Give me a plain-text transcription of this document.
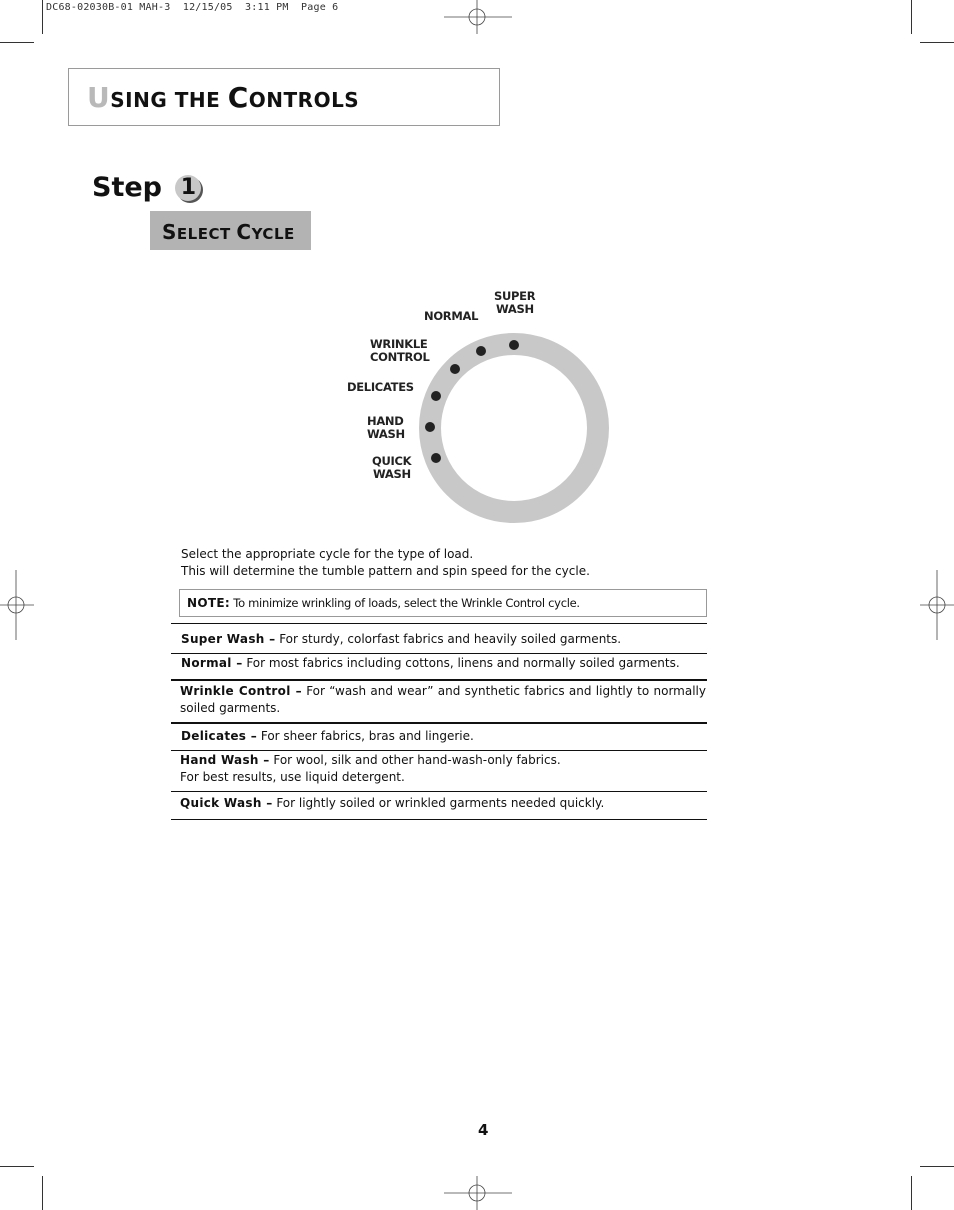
DC68-02030B-01 MAH-3  12/15/05  3:11 PM  Page 6
USING THE CONTROLS
Step 1
SELECT CYCLE
SUPER
WASH
NORMAL
WRINKLE
CONTROL
DELICATES
HAND
WASH
QUICK
WASH
Select the appropriate cycle for the type of load.
This will determine the tumble pattern and spin speed for the cycle.
NOTE: To minimize wrinkling of loads, select the Wrinkle Control cycle.
Super Wash – For sturdy, colorfast fabrics and heavily soiled garments.
Normal – For most fabrics including cottons, linens and normally soiled garments.
Wrinkle Control – For “wash and wear” and synthetic fabrics and lightly to normally soiled garments.
Delicates – For sheer fabrics, bras and lingerie.
Hand Wash – For wool, silk and other hand-wash-only fabrics.
For best results, use liquid detergent.
Quick Wash – For lightly soiled or wrinkled garments needed quickly.
4
